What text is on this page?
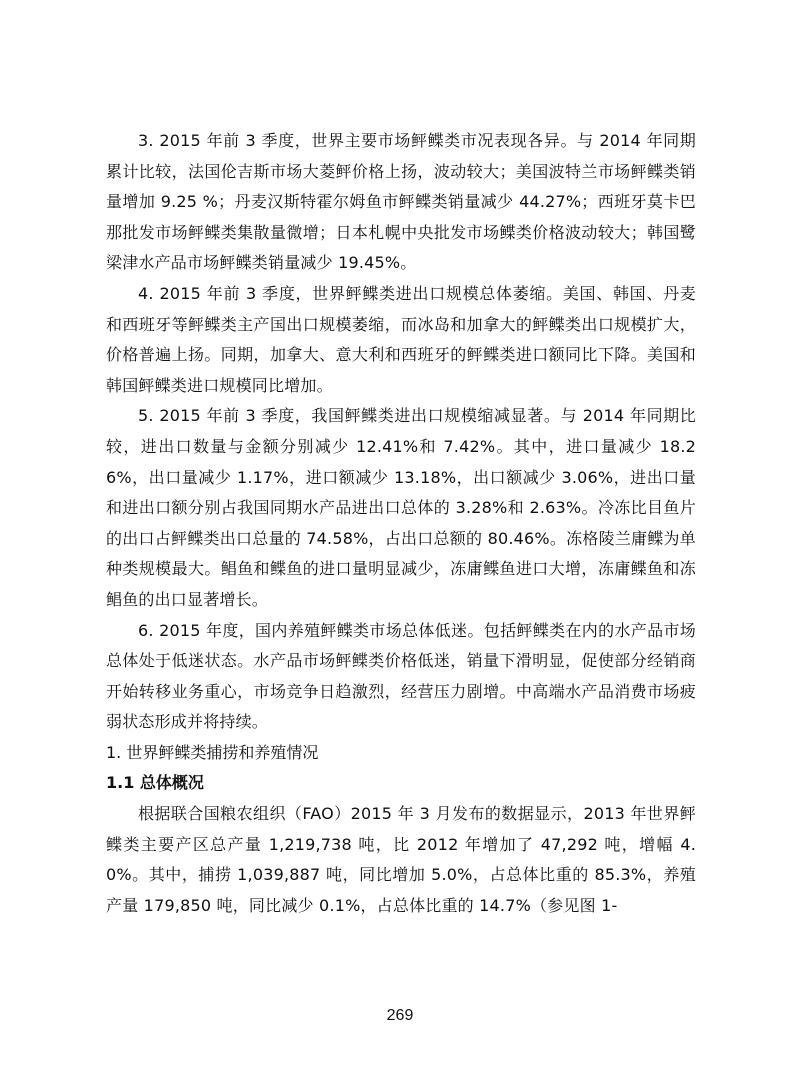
3. 2015 年前 3 季度，世界主要市场鲆鲽类市况表现各异。与 2014 年同期累计比较，法国伦吉斯市场大菱鲆价格上扬，波动较大；美国波特兰市场鲆鲽类销量增加 9.25 %；丹麦汉斯特霍尔姆鱼市鲆鲽类销量减少 44.27%；西班牙莫卡巴那批发市场鲆鲽类集散量微增；日本札幌中央批发市场鲽类价格波动较大；韩国鹭梁津水产品市场鲆鲽类销量减少 19.45%。

4. 2015 年前 3 季度，世界鲆鲽类进出口规模总体萎缩。美国、韩国、丹麦和西班牙等鲆鲽类主产国出口规模萎缩，而冰岛和加拿大的鲆鲽类出口规模扩大，价格普遍上扬。同期，加拿大、意大利和西班牙的鲆鲽类进口额同比下降。美国和韩国鲆鲽类进口规模同比增加。

5. 2015 年前 3 季度，我国鲆鲽类进出口规模缩减显著。与 2014 年同期比较，进出口数量与金额分别减少 12.41%和 7.42%。其中，进口量减少 18.26%，出口量减少 1.17%，进口额减少 13.18%，出口额减少 3.06%，进出口量和进出口额分别占我国同期水产品进出口总体的 3.28%和 2.63%。冷冻比目鱼片的出口占鲆鲽类出口总量的 74.58%，占出口总额的 80.46%。冻格陵兰庸鲽为单种类规模最大。鲳鱼和鲽鱼的进口量明显减少，冻庸鲽鱼进口大增，冻庸鲽鱼和冻鲳鱼的出口显著增长。

6. 2015 年度，国内养殖鲆鲽类市场总体低迷。包括鲆鲽类在内的水产品市场总体处于低迷状态。水产品市场鲆鲽类价格低迷，销量下滑明显，促使部分经销商开始转移业务重心，市场竞争日趋激烈，经营压力剧增。中高端水产品消费市场疲弱状态形成并将持续。

1. 世界鲆鲽类捕捞和养殖情况

1.1 总体概况

根据联合国粮农组织（FAO）2015 年 3 月发布的数据显示，2013 年世界鲆鲽类主要产区总产量 1,219,738 吨，比 2012 年增加了 47,292 吨，增幅 4.0%。其中，捕捞 1,039,887 吨，同比增加 5.0%，占总体比重的 85.3%，养殖产量 179,850 吨，同比减少 0.1%，占总体比重的 14.7%（参见图 1-

269
